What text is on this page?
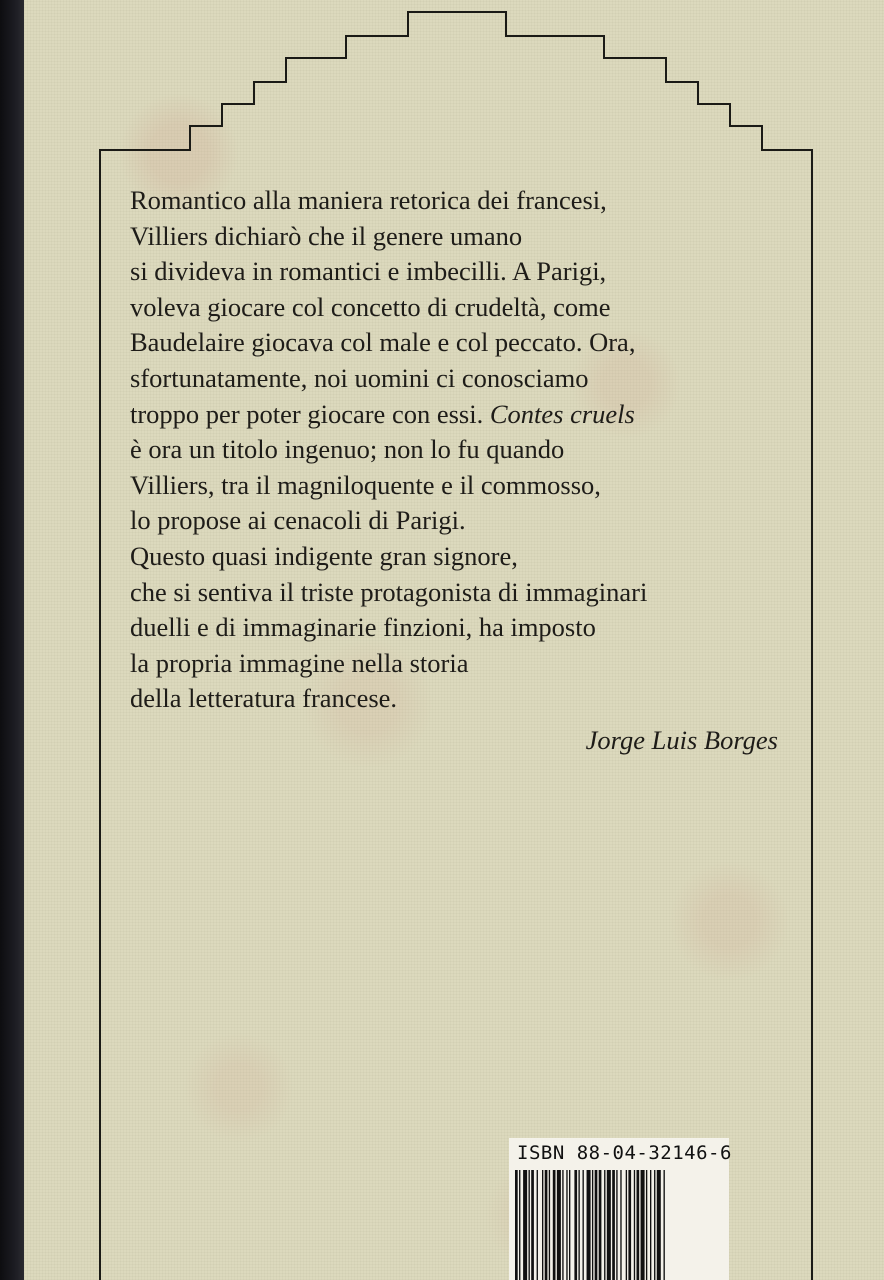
Romantico alla maniera retorica dei francesi,
Villiers dichiarò che il genere umano
si divideva in romantici e imbecilli. A Parigi,
voleva giocare col concetto di crudeltà, come
Baudelaire giocava col male e col peccato. Ora,
sfortunatamente, noi uomini ci conosciamo
troppo per poter giocare con essi. Contes cruels
è ora un titolo ingenuo; non lo fu quando
Villiers, tra il magniloquente e il commosso,
lo propose ai cenacoli di Parigi.
Questo quasi indigente gran signore,
che si sentiva il triste protagonista di immaginari
duelli e di immaginarie finzioni, ha imposto
la propria immagine nella storia
della letteratura francese.
Jorge Luis Borges
ISBN 88-04-32146-6
